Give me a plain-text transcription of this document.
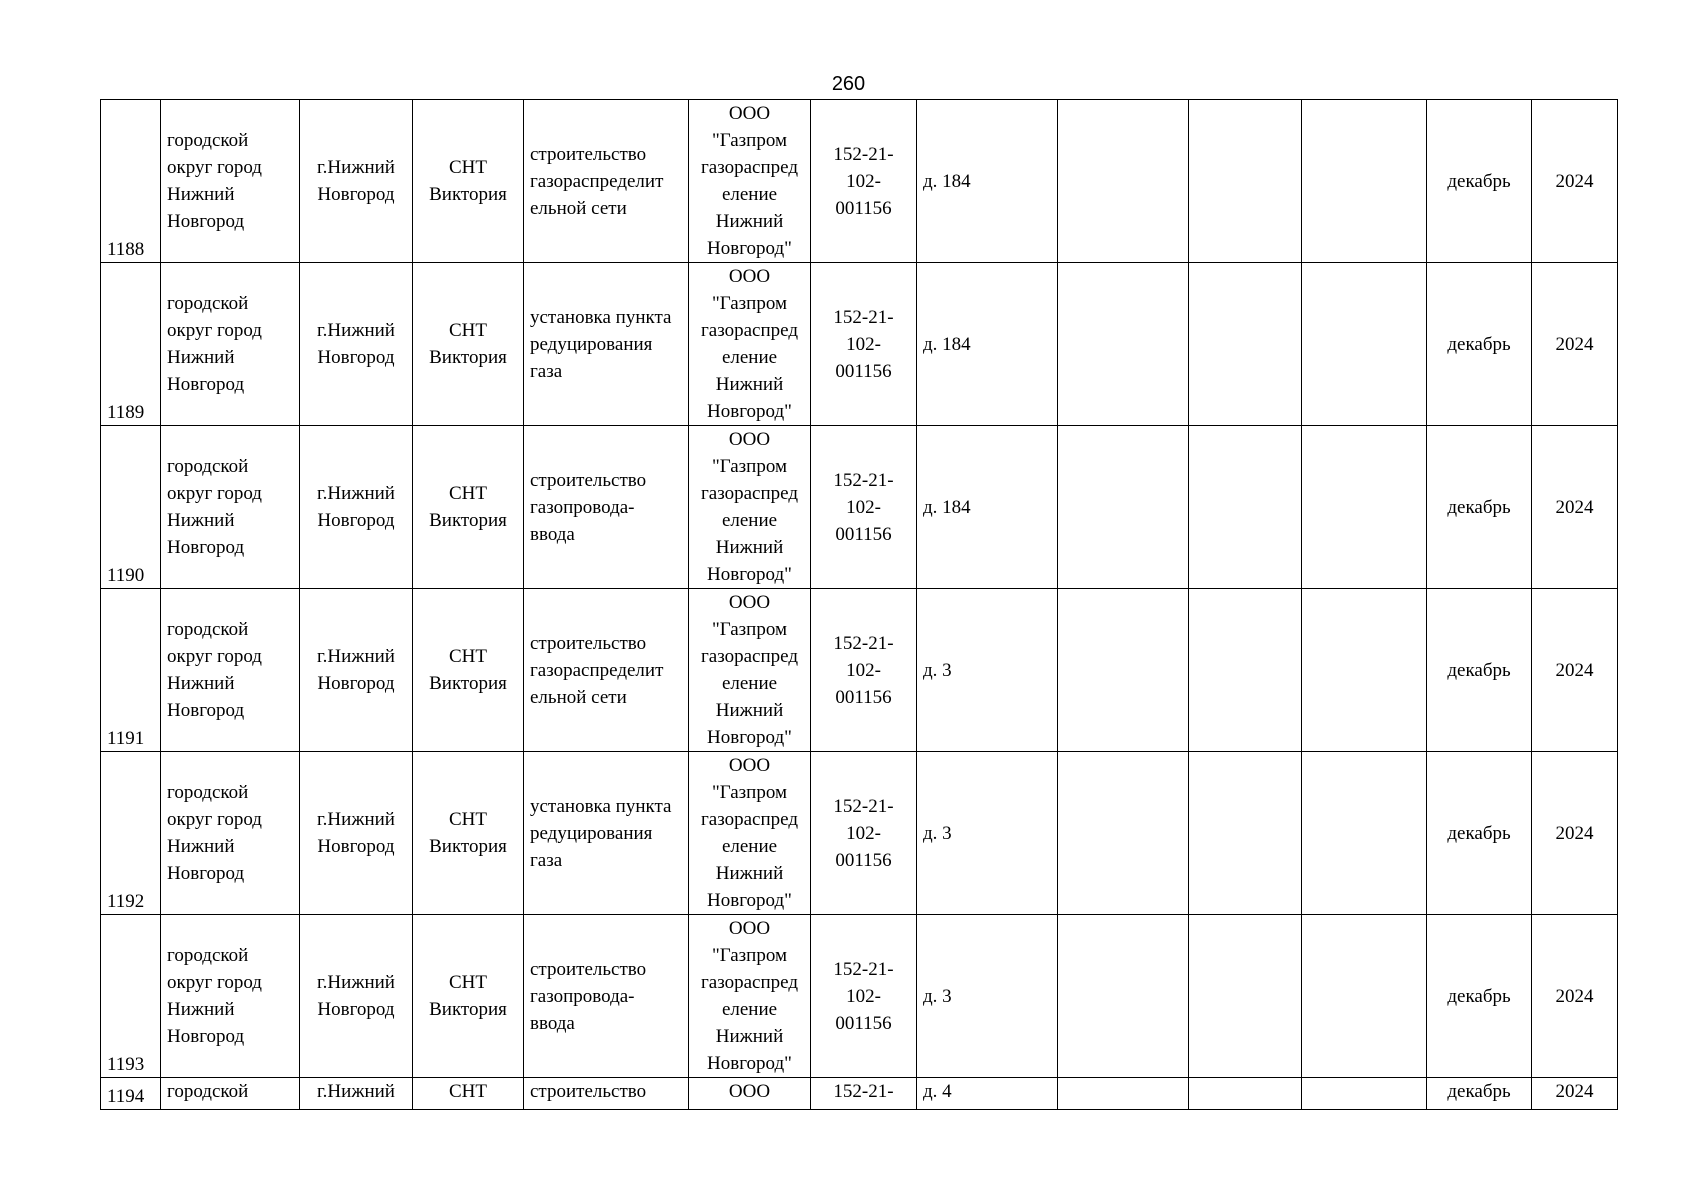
260
1188	городской округ город Нижний Новгород	г.Нижний Новгород	СНТ Виктория	строительство газораспределит ельной сети	ООО "Газпром газораспред еление Нижний Новгород"	152-21- 102- 001156	д. 184				декабрь	2024

1189	городской округ город Нижний Новгород	г.Нижний Новгород	СНТ Виктория	установка пункта редуцирования газа	ООО "Газпром газораспред еление Нижний Новгород"	152-21- 102- 001156	д. 184				декабрь	2024

1190	городской округ город Нижний Новгород	г.Нижний Новгород	СНТ Виктория	строительство газопровода- ввода	ООО "Газпром газораспред еление Нижний Новгород"	152-21- 102- 001156	д. 184				декабрь	2024

1191	городской округ город Нижний Новгород	г.Нижний Новгород	СНТ Виктория	строительство газораспределит ельной сети	ООО "Газпром газораспред еление Нижний Новгород"	152-21- 102- 001156	д. 3				декабрь	2024

1192	городской округ город Нижний Новгород	г.Нижний Новгород	СНТ Виктория	установка пункта редуцирования газа	ООО "Газпром газораспред еление Нижний Новгород"	152-21- 102- 001156	д. 3				декабрь	2024

1193	городской округ город Нижний Новгород	г.Нижний Новгород	СНТ Виктория	строительство газопровода- ввода	ООО "Газпром газораспред еление Нижний Новгород"	152-21- 102- 001156	д. 3				декабрь	2024

1194	городской	г.Нижний	СНТ	строительство	ООО	152-21-	д. 4				декабрь	2024
